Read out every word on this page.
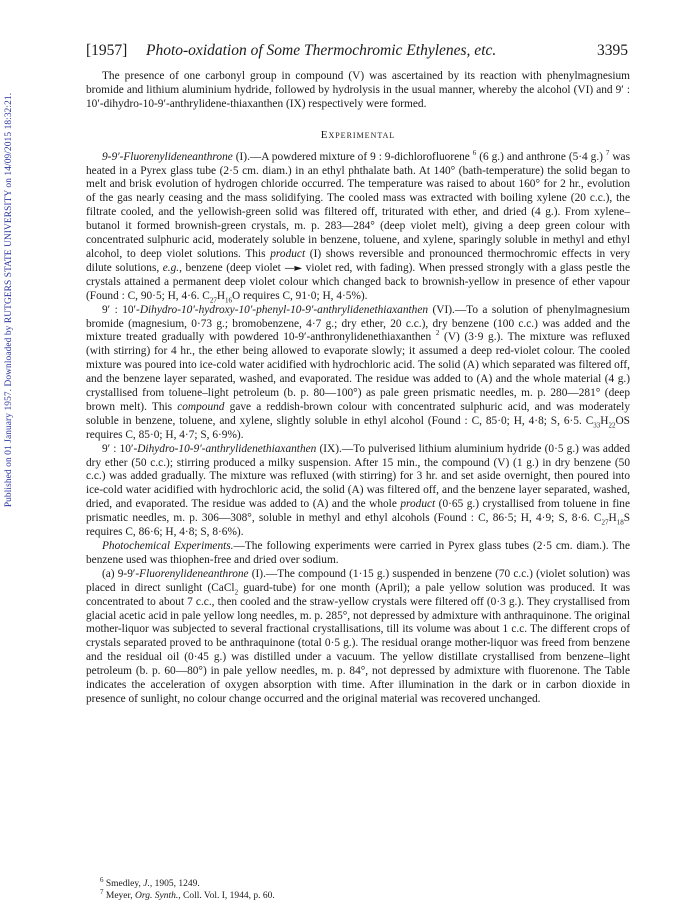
Published on 01 January 1957. Downloaded by RUTGERS STATE UNIVERSITY on 14/09/2015 18:32:21.
[1957] Photo-oxidation of Some Thermochromic Ethylenes, etc.	3395

The presence of one carbonyl group in compound (V) was ascertained by its reaction with phenylmagnesium bromide and lithium aluminium hydride, followed by hydrolysis in the usual manner, whereby the alcohol (VI) and 9′ : 10′-dihydro-10-9′-anthrylidene-thiaxanthen (IX) respectively were formed.

Experimental

9-9′-Fluorenylideneanthrone (I).—A powdered mixture of 9 : 9-dichlorofluorene $^6$ (6 g.) and anthrone (5·4 g.) $^7$ was heated in a Pyrex glass tube (2·5 cm. diam.) in an ethyl phthalate bath. At 140° (bath-temperature) the solid began to melt and brisk evolution of hydrogen chloride occurred. The temperature was raised to about 160° for 2 hr., evolution of the gas nearly ceasing and the mass solidifying. The cooled mass was extracted with boiling xylene (20 c.c.), the filtrate cooled, and the yellowish-green solid was filtered off, triturated with ether, and dried (4 g.). From xylene–butanol it formed brownish-green crystals, m. p. 283—284° (deep violet melt), giving a deep green colour with concentrated sulphuric acid, moderately soluble in benzene, toluene, and xylene, sparingly soluble in methyl and ethyl alcohol, to deep violet solutions. This product (I) shows reversible and pronounced thermochromic effects in very dilute solutions, e.g., benzene (deep violet —► violet red, with fading). When pressed strongly with a glass pestle the crystals attained a permanent deep violet colour which changed back to brownish-yellow in presence of ether vapour (Found : C, 90·5; H, 4·6. $C_{27}H_{16}O$ requires C, 91·0; H, 4·5%).

9′ : 10′-Dihydro-10′-hydroxy-10′-phenyl-10-9′-anthrylidenethiaxanthen (VI).—To a solution of phenylmagnesium bromide (magnesium, 0·73 g.; bromobenzene, 4·7 g.; dry ether, 20 c.c.), dry benzene (100 c.c.) was added and the mixture treated gradually with powdered 10-9′-anthronylidenethiaxanthen $^2$ (V) (3·9 g.). The mixture was refluxed (with stirring) for 4 hr., the ether being allowed to evaporate slowly; it assumed a deep red-violet colour. The cooled mixture was poured into ice-cold water acidified with hydrochloric acid. The solid (A) which separated was filtered off, and the benzene layer separated, washed, and evaporated. The residue was added to (A) and the whole material (4 g.) crystallised from toluene–light petroleum (b. p. 80—100°) as pale green prismatic needles, m. p. 280—281° (deep brown melt). This compound gave a reddish-brown colour with concentrated sulphuric acid, and was moderately soluble in benzene, toluene, and xylene, slightly soluble in ethyl alcohol (Found : C, 85·0; H, 4·8; S, 6·5. $C_{33}H_{22}OS$ requires C, 85·0; H, 4·7; S, 6·9%).

9′ : 10′-Dihydro-10-9′-anthrylidenethiaxanthen (IX).—To pulverised lithium aluminium hydride (0·5 g.) was added dry ether (50 c.c.); stirring produced a milky suspension. After 15 min., the compound (V) (1 g.) in dry benzene (50 c.c.) was added gradually. The mixture was refluxed (with stirring) for 3 hr. and set aside overnight, then poured into ice-cold water acidified with hydrochloric acid, the solid (A) was filtered off, and the benzene layer separated, washed, dried, and evaporated. The residue was added to (A) and the whole product (0·65 g.) crystallised from toluene in fine prismatic needles, m. p. 306—308°, soluble in methyl and ethyl alcohols (Found : C, 86·5; H, 4·9; S, 8·6. $C_{27}H_{18}S$ requires C, 86·6; H, 4·8; S, 8·6%).

Photochemical Experiments.—The following experiments were carried in Pyrex glass tubes (2·5 cm. diam.). The benzene used was thiophen-free and dried over sodium.

(a) 9-9′-Fluorenylideneanthrone (I).—The compound (1·15 g.) suspended in benzene (70 c.c.) (violet solution) was placed in direct sunlight (CaCl$_2$ guard-tube) for one month (April); a pale yellow solution was produced. It was concentrated to about 7 c.c., then cooled and the straw-yellow crystals were filtered off (0·3 g.). They crystallised from glacial acetic acid in pale yellow long needles, m. p. 285°, not depressed by admixture with anthraquinone. The original mother-liquor was subjected to several fractional crystallisations, till its volume was about 1 c.c. The different crops of crystals separated proved to be anthraquinone (total 0·5 g.). The residual orange mother-liquor was freed from benzene and the residual oil (0·45 g.) was distilled under a vacuum. The yellow distillate crystallised from benzene–light petroleum (b. p. 60—80°) in pale yellow needles, m. p. 84°, not depressed by admixture with fluorenone. The Table indicates the acceleration of oxygen absorption with time. After illumination in the dark or in carbon dioxide in presence of sunlight, no colour change occurred and the original material was recovered unchanged.

$^6$ Smedley, J., 1905, 1249.
$^7$ Meyer, Org. Synth., Coll. Vol. I, 1944, p. 60.
